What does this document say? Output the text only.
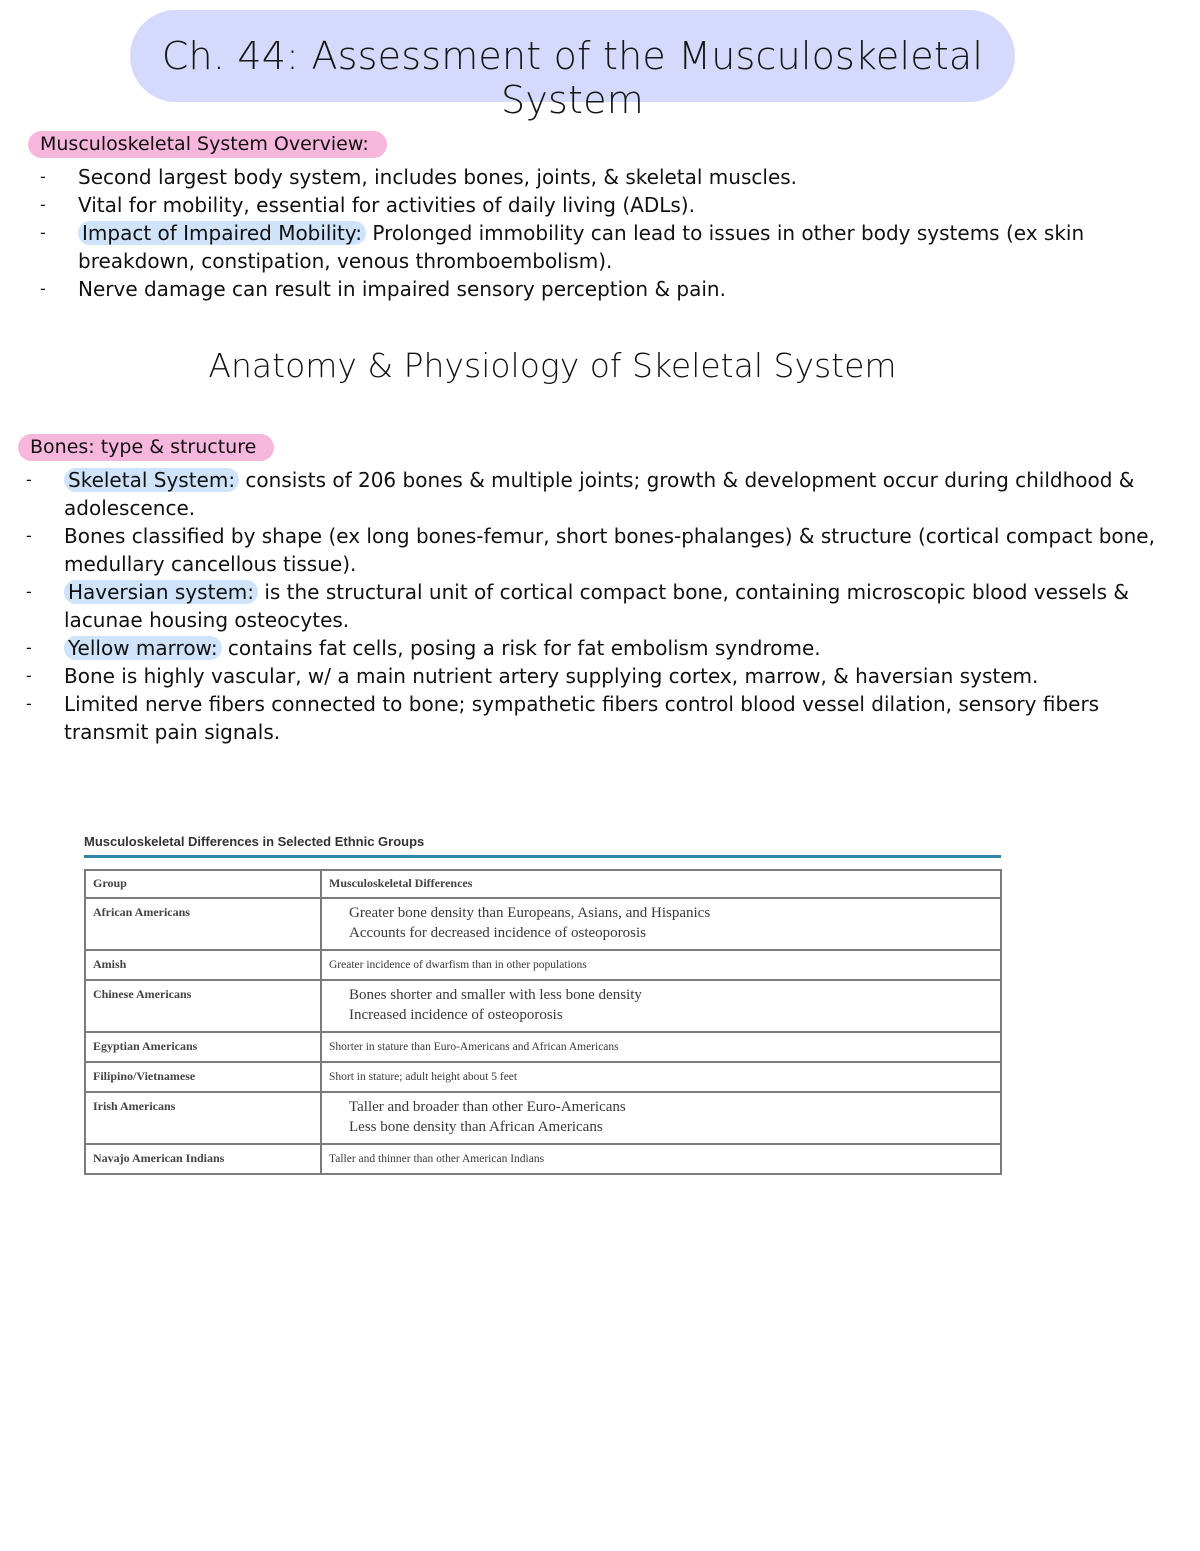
Ch. 44: Assessment of the Musculoskeletal System
Musculoskeletal System Overview:
- Second largest body system, includes bones, joints, & skeletal muscles.
- Vital for mobility, essential for activities of daily living (ADLs).
- Impact of Impaired Mobility: Prolonged immobility can lead to issues in other body systems (ex skin breakdown, constipation, venous thromboembolism).
- Nerve damage can result in impaired sensory perception & pain.
Anatomy & Physiology of Skeletal System
Bones: type & structure
- Skeletal System: consists of 206 bones & multiple joints; growth & development occur during childhood & adolescence.
- Bones classified by shape (ex long bones-femur, short bones-phalanges) & structure (cortical compact bone, medullary cancellous tissue).
- Haversian system: is the structural unit of cortical compact bone, containing microscopic blood vessels & lacunae housing osteocytes.
- Yellow marrow: contains fat cells, posing a risk for fat embolism syndrome.
- Bone is highly vascular, w/ a main nutrient artery supplying cortex, marrow, & haversian system.
- Limited nerve fibers connected to bone; sympathetic fibers control blood vessel dilation, sensory fibers transmit pain signals.
Musculoskeletal Differences in Selected Ethnic Groups
Group	Musculoskeletal Differences
African Americans	Greater bone density than Europeans, Asians, and Hispanics
Accounts for decreased incidence of osteoporosis

Amish	Greater incidence of dwarfism than in other populations

Chinese Americans	Bones shorter and smaller with less bone density
Increased incidence of osteoporosis

Egyptian Americans	Shorter in stature than Euro-Americans and African Americans

Filipino/Vietnamese	Short in stature; adult height about 5 feet

Irish Americans	Taller and broader than other Euro-Americans
Less bone density than African Americans

Navajo American Indians	Taller and thinner than other American Indians
